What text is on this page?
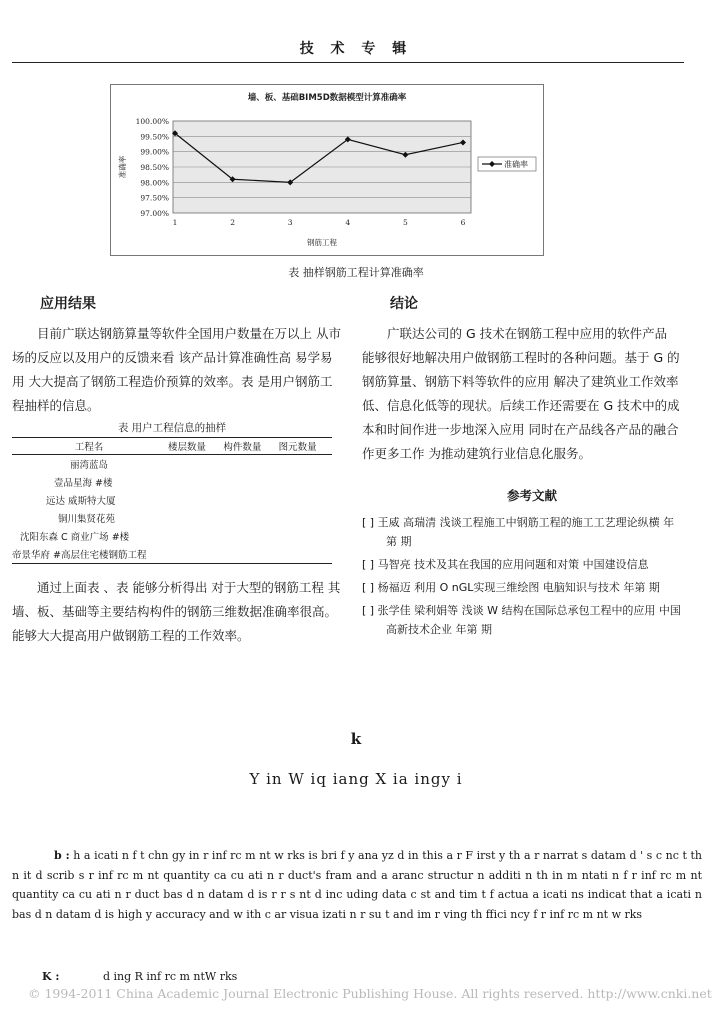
技 术 专 辑
墙、板、基础BIM5D数据模型计算准确率
97.00%
97.50%
98.00%
98.50%
99.00%
99.50%
100.00%
1	2	3	4	5	6
钢筋工程
准确率	准确率
表 抽样钢筋工程计算准确率
应用结果
目前广联达钢筋算量等软件全国用户数量在万以上 从市场的反应以及用户的反馈来看 该产品计算准确性高 易学易用 大大提高了钢筋工程造价预算的效率。表 是用户钢筋工程抽样的信息。
表 用户工程信息的抽样
工程名	楼层数量	构件数量	图元数量
丽湾蓝岛			
壹品星海 #楼			
远达 威斯特大厦			
铜川集贤花苑			
沈阳东森 C 商业广场 #楼			
帝景华府 #高层住宅楼钢筋工程			
通过上面表 、表 能够分析得出 对于大型的钢筋工程 其墙、板、基础等主要结构构件的钢筋三维数据准确率很高。能够大大提高用户做钢筋工程的工作效率。
结论
广联达公司的 G 技术在钢筋工程中应用的软件产品 能够很好地解决用户做钢筋工程时的各种问题。基于 G 的钢筋算量、钢筋下料等软件的应用 解决了建筑业工作效率低、信息化低等的现状。后续工作还需要在 G 技术中的成本和时间作进一步地深入应用 同时在产品线各产品的融合作更多工作 为推动建筑行业信息化服务。
参考文献
[ ] 王威 高瑞清 浅谈工程施工中钢筋工程的施工工艺理论纵横 年第 期
[ ] 马智亮 技术及其在我国的应用问题和对策 中国建设信息
[ ] 杨福迈 利用 O nGL实现三维绘图 电脑知识与技术 年第 期
[ ] 张学佳 梁利娟等 浅谈 W 结构在国际总承包工程中的应用 中国高新技术企业 年第 期
k
Y in W iq iang X ia ingy i
b : h a icati n f t chn gy in r inf rc m nt w rks is bri f y ana yz d in this a r F irst y th a r narrat s datam d ' s c nc t th n it d scrib s r inf rc m nt quantity ca cu ati n r duct's fram and a aranc structur n additi n th in m ntati n f r inf rc m nt quantity ca cu ati n r duct bas d n datam d is r r s nt d inc uding data c st and tim t f actua a icati ns indicat that a icati n bas d n datam d is high y accuracy and w ith c ar visua izati n r su t and im r ving th ffici ncy f r inf rc m nt w rks
K :	d ing R inf rc m ntW rks
© 1994-2011 China Academic Journal Electronic Publishing House. All rights reserved. http://www.cnki.net
